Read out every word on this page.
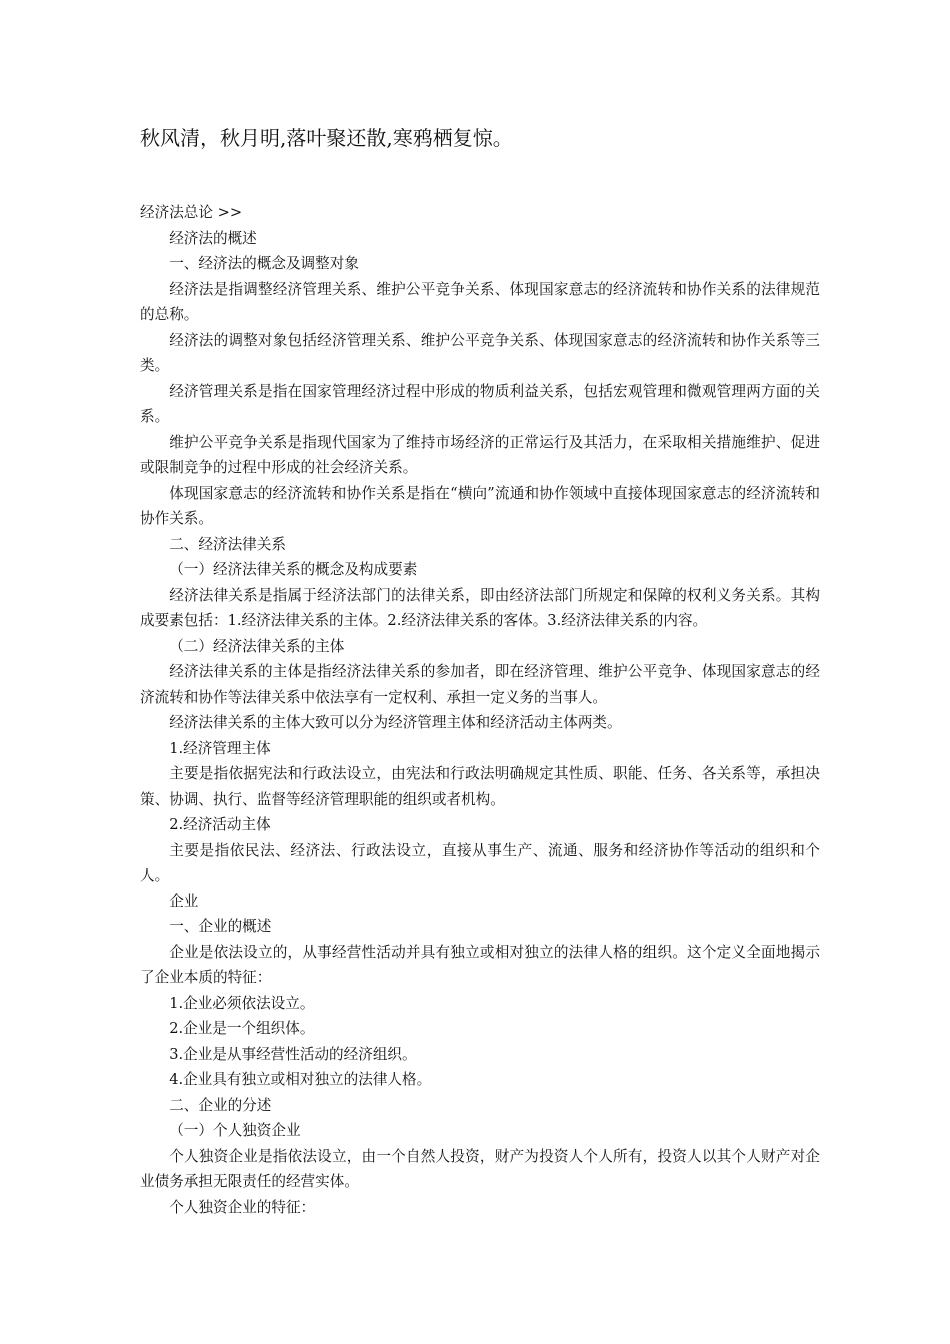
秋风清，秋月明,落叶聚还散,寒鸦栖复惊。

经济法总论 >>

经济法的概述

一、经济法的概念及调整对象

经济法是指调整经济管理关系、维护公平竞争关系、体现国家意志的经济流转和协作关系的法律规范的总称。

经济法的调整对象包括经济管理关系、维护公平竞争关系、体现国家意志的经济流转和协作关系等三类。

经济管理关系是指在国家管理经济过程中形成的物质利益关系，包括宏观管理和微观管理两方面的关系。

维护公平竞争关系是指现代国家为了维持市场经济的正常运行及其活力，在采取相关措施维护、促进或限制竞争的过程中形成的社会经济关系。

体现国家意志的经济流转和协作关系是指在“横向”流通和协作领域中直接体现国家意志的经济流转和协作关系。

二、经济法律关系

（一）经济法律关系的概念及构成要素

经济法律关系是指属于经济法部门的法律关系，即由经济法部门所规定和保障的权利义务关系。其构成要素包括：1.经济法律关系的主体。2.经济法律关系的客体。3.经济法律关系的内容。

（二）经济法律关系的主体

经济法律关系的主体是指经济法律关系的参加者，即在经济管理、维护公平竞争、体现国家意志的经济流转和协作等法律关系中依法享有一定权利、承担一定义务的当事人。

经济法律关系的主体大致可以分为经济管理主体和经济活动主体两类。

1.经济管理主体

主要是指依据宪法和行政法设立，由宪法和行政法明确规定其性质、职能、任务、各关系等，承担决策、协调、执行、监督等经济管理职能的组织或者机构。

2.经济活动主体

主要是指依民法、经济法、行政法设立，直接从事生产、流通、服务和经济协作等活动的组织和个人。

企业

一、企业的概述

企业是依法设立的，从事经营性活动并具有独立或相对独立的法律人格的组织。这个定义全面地揭示了企业本质的特征：

1.企业必须依法设立。

2.企业是一个组织体。

3.企业是从事经营性活动的经济组织。

4.企业具有独立或相对独立的法律人格。

二、企业的分述

（一）个人独资企业

个人独资企业是指依法设立，由一个自然人投资，财产为投资人个人所有，投资人以其个人财产对企业债务承担无限责任的经营实体。

个人独资企业的特征：
